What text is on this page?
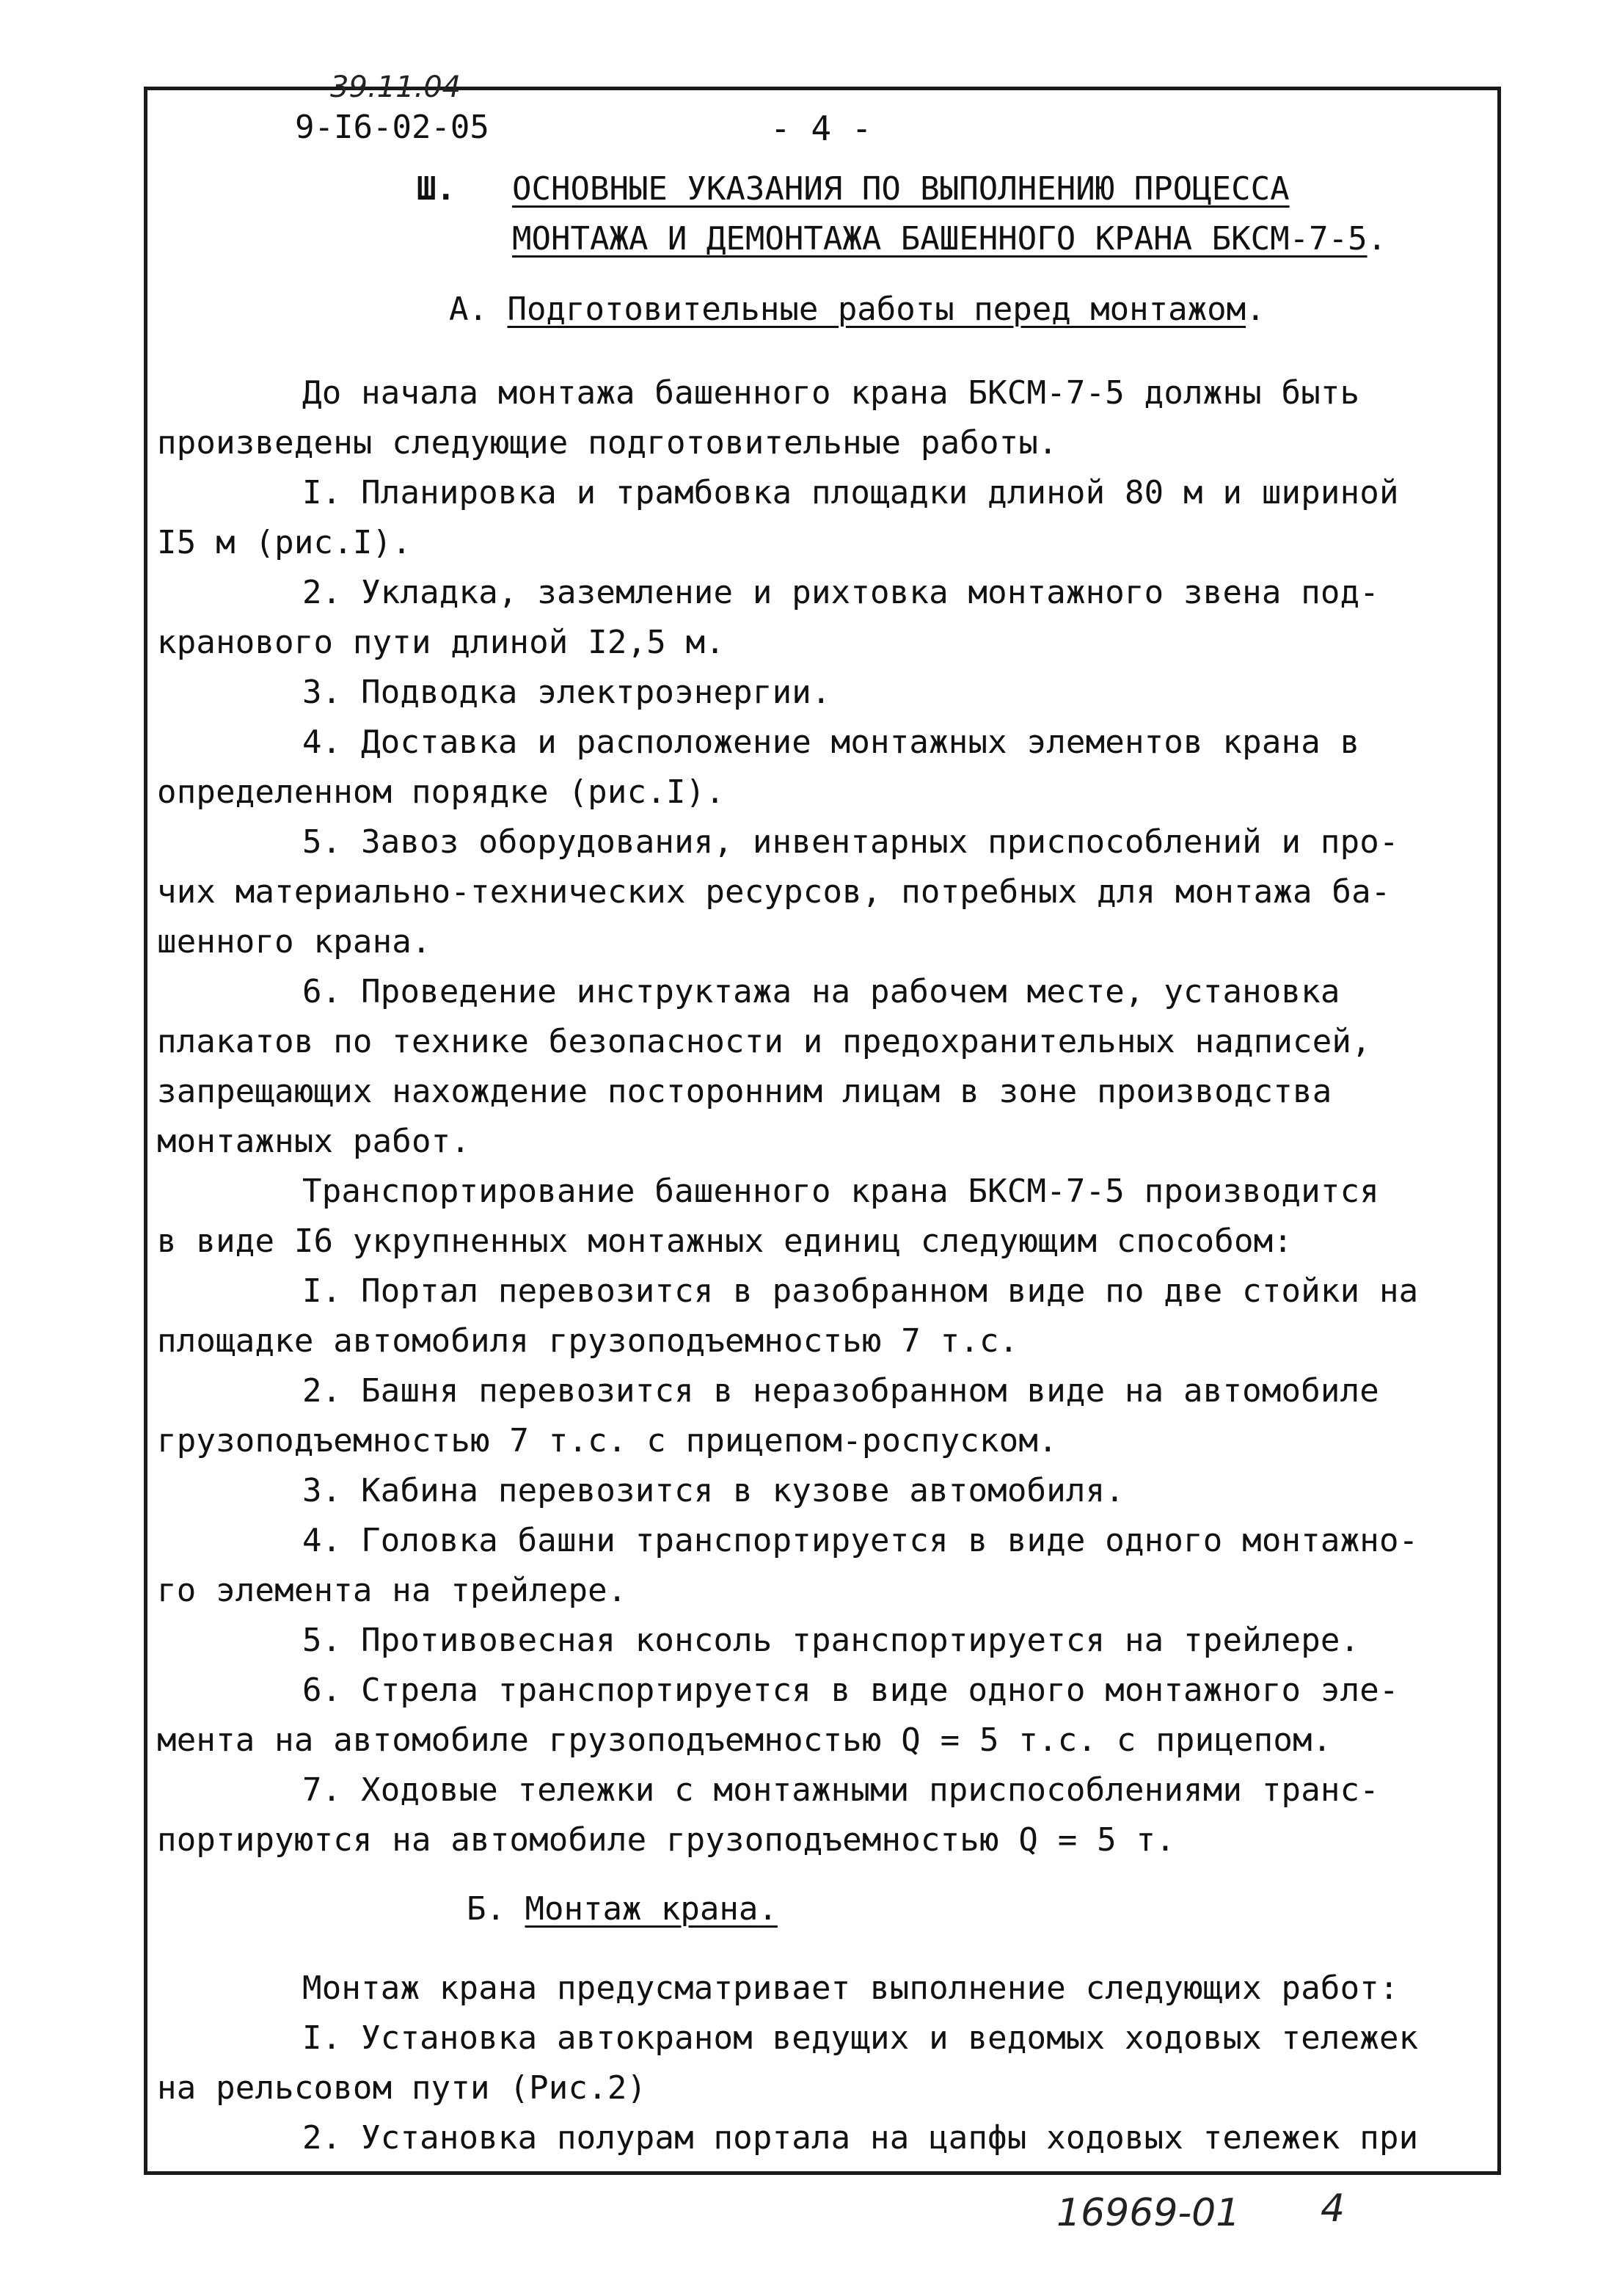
39.11.04
9-I6-02-05	- 4 -
Ш. ОСНОВНЫЕ УКАЗАНИЯ ПО ВЫПОЛНЕНИЮ ПРОЦЕССА
МОНТАЖА И ДЕМОНТАЖА БАШЕННОГО КРАНА БКСМ-7-5.
А. Подготовительные работы перед монтажом.
До начала монтажа башенного крана БКСМ-7-5 должны быть
произведены следующие подготовительные работы.
I. Планировка и трамбовка площадки длиной 80 м и шириной
I5 м (рис.I).
2. Укладка, заземление и рихтовка монтажного звена под-
кранового пути длиной I2,5 м.
3. Подводка электроэнергии.
4. Доставка и расположение монтажных элементов крана в
определенном порядке (рис.I).
5. Завоз оборудования, инвентарных приспособлений и про-
чих материально-технических ресурсов, потребных для монтажа ба-
шенного крана.
6. Проведение инструктажа на рабочем месте, установка
плакатов по технике безопасности и предохранительных надписей,
запрещающих нахождение посторонним лицам в зоне производства
монтажных работ.
Транспортирование башенного крана БКСМ-7-5 производится
в виде I6 укрупненных монтажных единиц следующим способом:
I. Портал перевозится в разобранном виде по две стойки на
площадке автомобиля грузоподъемностью 7 т.с.
2. Башня перевозится в неразобранном виде на автомобиле
грузоподъемностью 7 т.с. с прицепом-роспуском.
3. Кабина перевозится в кузове автомобиля.
4. Головка башни транспортируется в виде одного монтажно-
го элемента на трейлере.
5. Противовесная консоль транспортируется на трейлере.
6. Стрела транспортируется в виде одного монтажного эле-
мента на автомобиле грузоподъемностью Q = 5 т.с. с прицепом.
7. Ходовые тележки с монтажными приспособлениями транс-
портируются на автомобиле грузоподъемностью Q = 5 т.
Б. Монтаж крана.
Монтаж крана предусматривает выполнение следующих работ:
I. Установка автокраном ведущих и ведомых ходовых тележек
на рельсовом пути (Рис.2)
2. Установка полурам портала на цапфы ходовых тележек при
16969-01 4
